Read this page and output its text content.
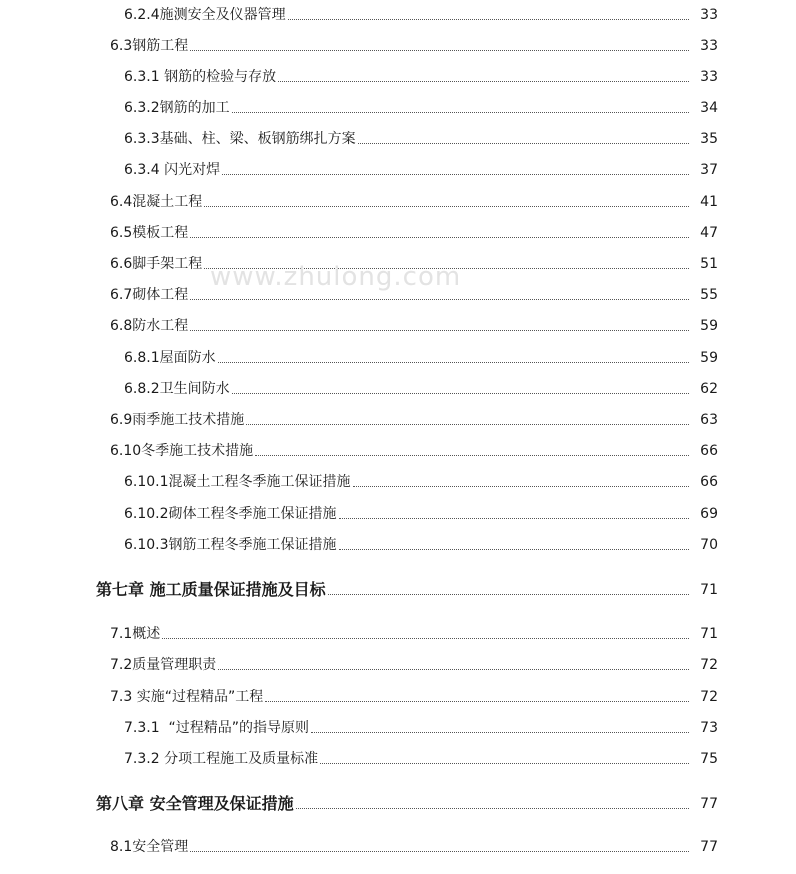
6.2.4 施测安全及仪器管理	33
6.3 钢筋工程	33
6.3.1 钢筋的检验与存放	33
6.3.2 钢筋的加工	34
6.3.3 基础、柱、梁、板钢筋绑扎方案	35
6.3.4 闪光对焊	37
6.4 混凝土工程	41
6.5 模板工程	47
6.6 脚手架工程	51
6.7 砌体工程	55
6.8 防水工程	59
6.8.1 屋面防水	59
6.8.2 卫生间防水	62
6.9 雨季施工技术措施	63
6.10 冬季施工技术措施	66
6.10.1 混凝土工程冬季施工保证措施	66
6.10.2 砌体工程冬季施工保证措施	69
6.10.3 钢筋工程冬季施工保证措施	70
第七章 施工质量保证措施及目标	71
7.1 概述	71
7.2 质量管理职责	72
7.3 实施“过程精品”工程	72
7.3.1 “过程精品”的指导原则	73
7.3.2 分项工程施工及质量标准	75
第八章 安全管理及保证措施	77
8.1 安全管理	77
www.zhulong.com
